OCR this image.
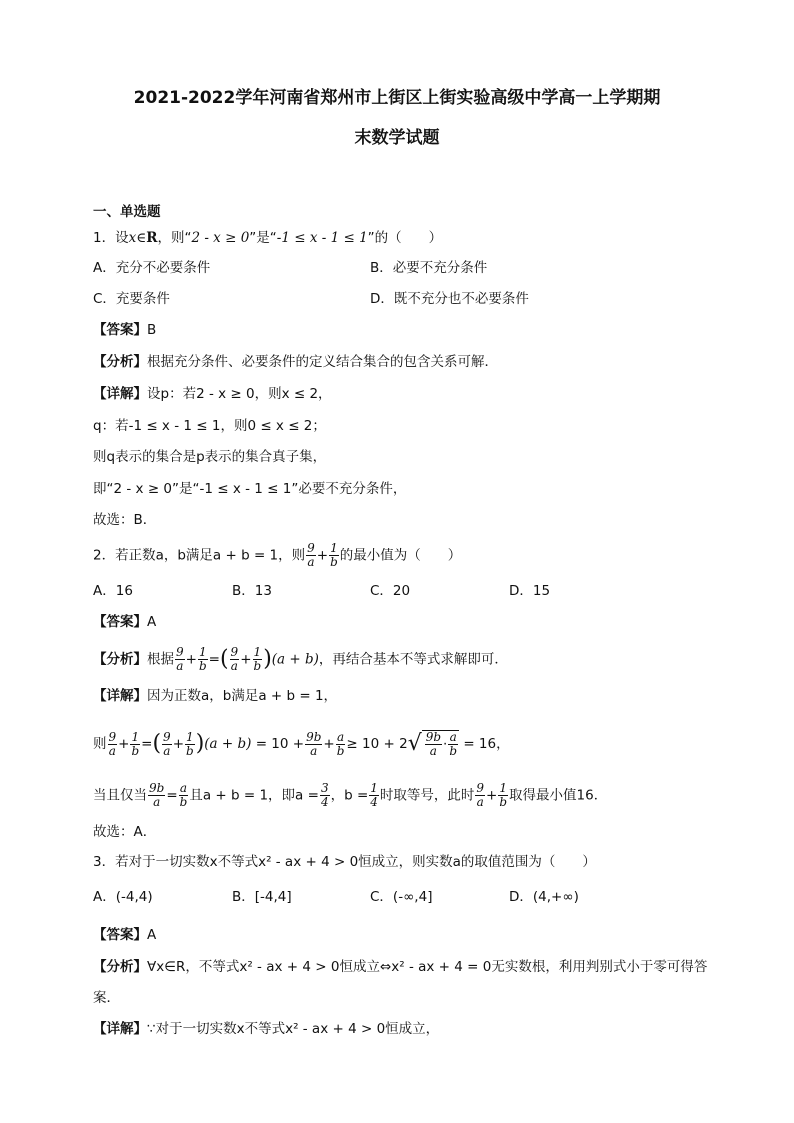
2021-2022学年河南省郑州市上街区上街实验高级中学高一上学期期
末数学试题
一、单选题
1．设x∈R，则“2 - x ≥ 0”是“-1 ≤ x - 1 ≤ 1”的（　　）
A．充分不必要条件	B．必要不充分条件
C．充要条件	D．既不充分也不必要条件
【答案】B
【分析】根据充分条件、必要条件的定义结合集合的包含关系可解．
【详解】设p：若2 - x ≥ 0，则x ≤ 2，
q：若-1 ≤ x - 1 ≤ 1，则0 ≤ x ≤ 2；
则q表示的集合是p表示的集合真子集，
即“2 - x ≥ 0”是“-1 ≤ x - 1 ≤ 1”必要不充分条件，
故选：B．
2．若正数a，b满足a + b = 1，则 $\frac{9}{a} + \frac{1}{b}$ 的最小值为（　　）
A．16	B．13	C．20	D．15
【答案】A
【分析】根据 $\frac{9}{a} + \frac{1}{b}$ =( $\frac{9}{a} + \frac{1}{b} )(a + b)$，再结合基本不等式求解即可．
【详解】因为正数a，b满足a + b = 1，
则 $\frac{9}{a} + \frac{1}{b}$ =( $\frac{9}{a} + \frac{1}{b} )(a + b) = 10 + \frac{9b}{a} + \frac{a}{b} \ge 10 + 2√ \frac{9b}{a} \cdot \frac{a}{b} = 16$，
当且仅当 $\frac{9b}{a} = \frac{a}{b}$ 且a + b = 1，即$a = \frac{3}{4}$ ，$b = \frac{1}{4}$ 时取等号，此时 $\frac{9}{a} + \frac{1}{b}$ 取得最小值16．
故选：A．
3．若对于一切实数x不等式x² - ax + 4 > 0恒成立，则实数a的取值范围为（　　）
A．(-4,4)	B．[-4,4]	C．(-∞,4]	D．(4,+∞)
【答案】A
【分析】∀x∈R，不等式x² - ax + 4 > 0恒成立⇔x² - ax + 4 = 0无实数根，利用判别式小于零可得答
案．
【详解】∵对于一切实数x不等式x² - ax + 4 > 0恒成立，
